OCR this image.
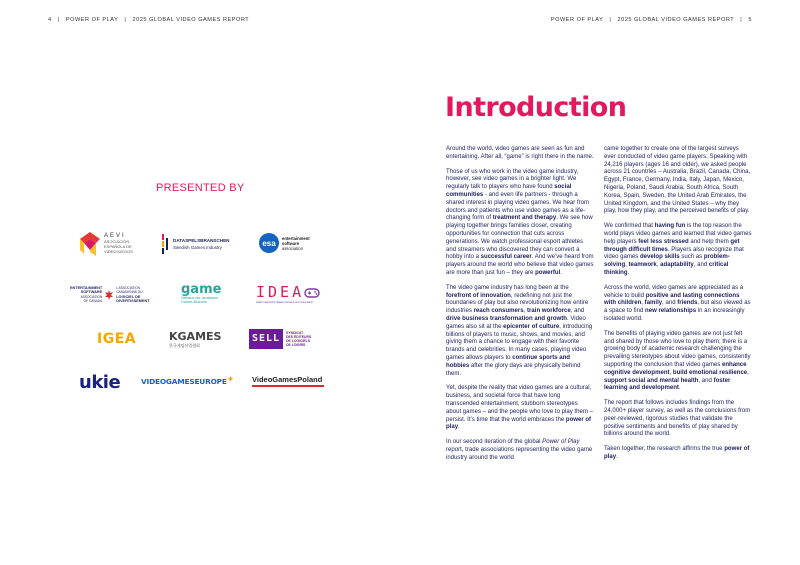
4 | POWER OF PLAY | 2025 GLOBAL VIDEO GAMES REPORT	POWER OF PLAY | 2025 GLOBAL VIDEO GAMES REPORT | 5
PRESENTED BY
AEVI
ASOCIACIÓN
ESPAÑOLA DE
VIDEOJUEGOS
DATASPELSBRANSCHEN
Swedish Games Industry	esa
entertainment
software
association
ENTERTAINMENT
SOFTWARE
ASSOCIATION
OF CANADA
L'ASSOCIATION
CANADIENNE DU
LOGICIEL DE
DIVERTISSEMENT
game
Verband der deutschen
Games-Branche
IDEA
italian interactive digital entertainment association
IGEA	KGAMES
한국게임산업협회
SELL
SYNDICAT
DES ÉDITEURS
DE LOGICIELS
DE LOISIRS
ukie	VIDEOGAMESEUROPE ✦ VideoGamesPoland
Introduction

Around the world, video games are seen as fun and entertaining. After all, “game” is right there in the name.

Those of us who work in the video game industry, however, see video games in a brighter light. We regularly talk to players who have found social communities - and even life partners - through a shared interest in playing video games. We hear from doctors and patients who use video games as a life-changing form of treatment and therapy. We see how playing together brings families closer, creating opportunities for connection that cuts across generations. We watch professional esport athletes and streamers who discovered they can convert a hobby into a successful career. And we’ve heard from players around the world who believe that video games are more than just fun – they are powerful.

The video game industry has long been at the forefront of innovation, redefining not just the boundaries of play but also revolutionizing how entire industries reach consumers, train workforce, and drive business transformation and growth. Video games also sit at the epicenter of culture, introducing billions of players to music, shows, and movies, and giving them a chance to engage with their favorite brands and celebrities. In many cases, playing video games allows players to continue sports and hobbies after the glory days are physically behind them.

Yet, despite the reality that video games are a cultural, business, and societal force that have long transcended entertainment, stubborn stereotypes about games – and the people who love to play them – persist. It’s time that the world embraces the power of play.

In our second iteration of the global Power of Play report, trade associations representing the video game industry around the world

came together to create one of the largest surveys ever conducted of video game players. Speaking with 24,216 players (ages 16 and older), we asked people across 21 countries – Australia, Brazil, Canada, China, Egypt, France, Germany, India, Italy, Japan, Mexico, Nigeria, Poland, Saudi Arabia, South Africa, South Korea, Spain, Sweden, the United Arab Emirates, the United Kingdom, and the United States – why they play, how they play, and the perceived benefits of play.

We confirmed that having fun is the top reason the world plays video games and learned that video games help players feel less stressed and help them get through difficult times. Players also recognize that video games develop skills such as problem-solving, teamwork, adaptability, and critical thinking.

Across the world, video games are appreciated as a vehicle to build positive and lasting connections with children, family, and friends, but also viewed as a space to find new relationships in an increasingly isolated world.

The benefits of playing video games are not just felt and shared by those who love to play them; there is a growing body of academic research challenging the prevailing stereotypes about video games, consistently supporting the conclusion that video games enhance cognitive development, build emotional resilience, support social and mental health, and foster learning and development.

The report that follows includes findings from the 24,000+ player survey, as well as the conclusions from peer-reviewed, rigorous studies that validate the positive sentiments and benefits of play shared by billions around the world.

Taken together, the research affirms the true power of play.
